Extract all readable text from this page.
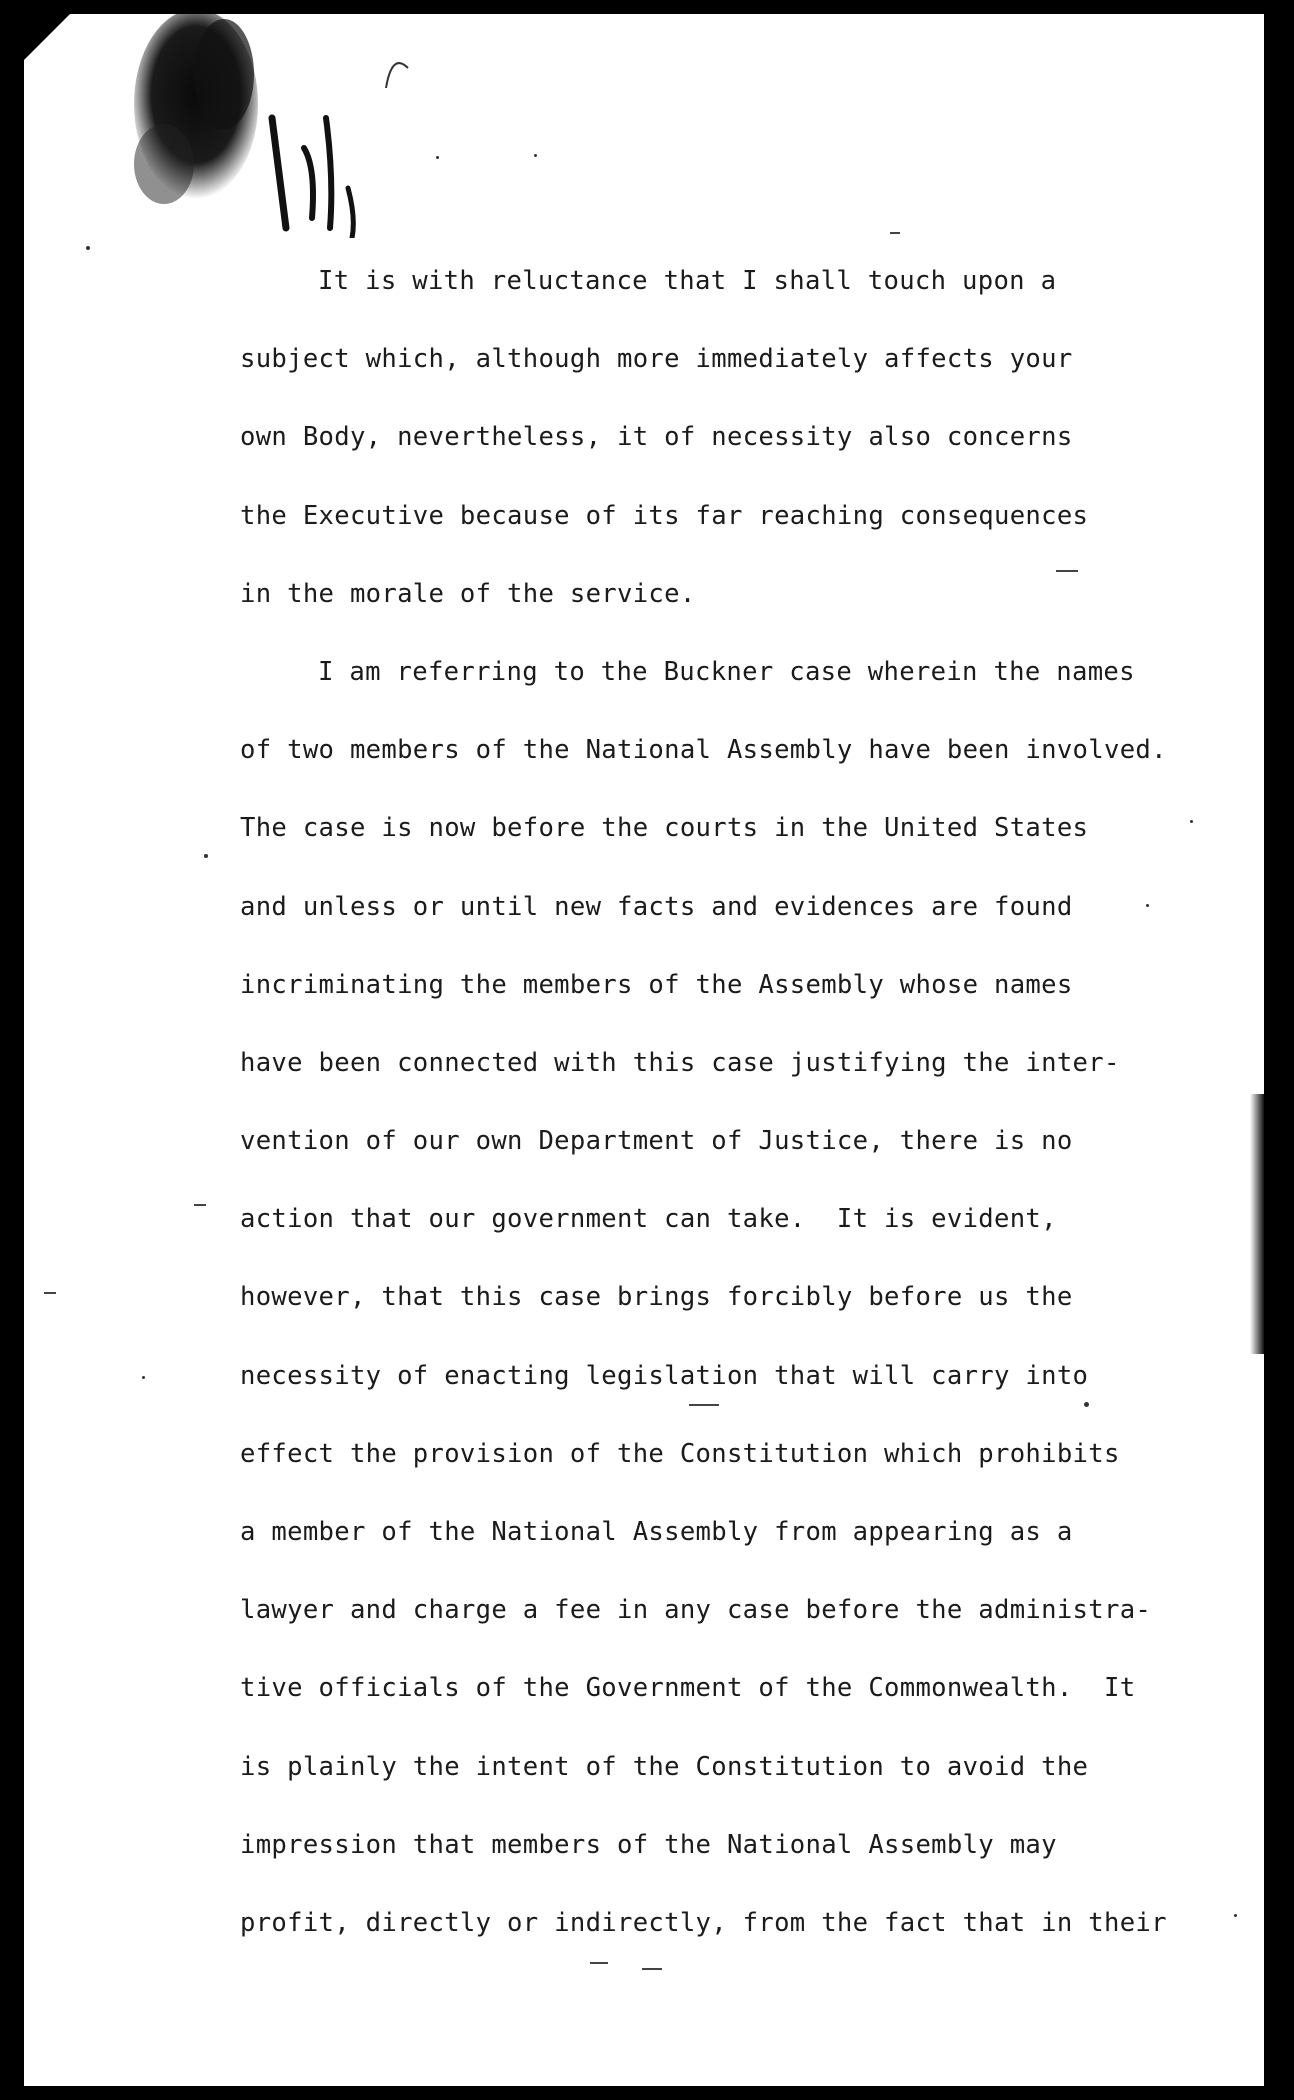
It is with reluctance that I shall touch upon a
subject which, although more immediately affects your
own Body, nevertheless, it of necessity also concerns
the Executive because of its far reaching consequences
in the morale of the service.
I am referring to the Buckner case wherein the names
of two members of the National Assembly have been involved.
The case is now before the courts in the United States
and unless or until new facts and evidences are found
incriminating the members of the Assembly whose names
have been connected with this case justifying the inter-
vention of our own Department of Justice, there is no
action that our government can take.  It is evident,
however, that this case brings forcibly before us the
necessity of enacting legislation that will carry into
effect the provision of the Constitution which prohibits
a member of the National Assembly from appearing as a
lawyer and charge a fee in any case before the administra-
tive officials of the Government of the Commonwealth.  It
is plainly the intent of the Constitution to avoid the
impression that members of the National Assembly may
profit, directly or indirectly, from the fact that in their
